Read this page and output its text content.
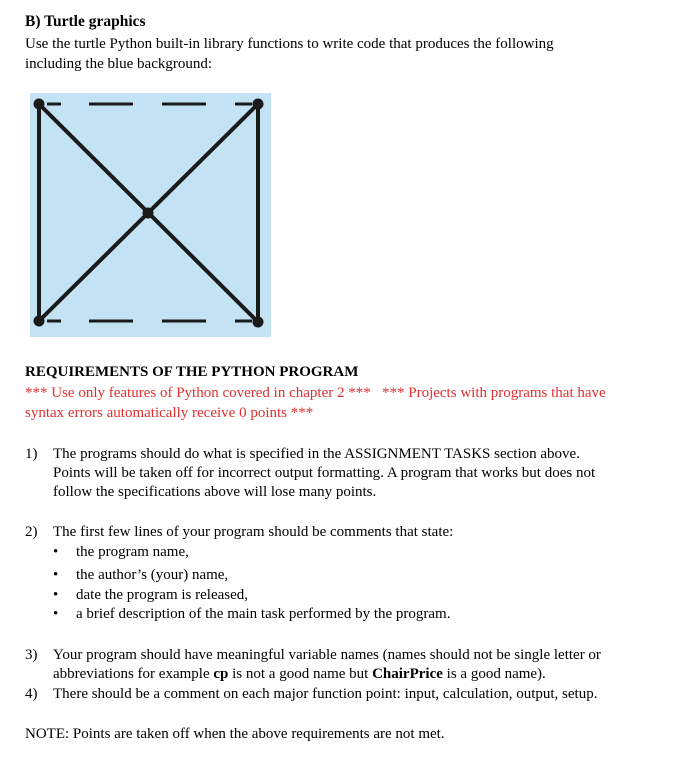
B) Turtle graphics
Use the turtle Python built-in library functions to write code that produces the following
including the blue background:
REQUIREMENTS OF THE PYTHON PROGRAM
*** Use only features of Python covered in chapter 2 ***   *** Projects with programs that have
syntax errors automatically receive 0 points ***
1) The programs should do what is specified in the ASSIGNMENT TASKS section above.
Points will be taken off for incorrect output formatting. A program that works but does not
follow the specifications above will lose many points.
2) The first few lines of your program should be comments that state:
• the program name,
• the author’s (your) name,
• date the program is released,
• a brief description of the main task performed by the program.
3) Your program should have meaningful variable names (names should not be single letter or
abbreviations for example cp is not a good name but ChairPrice is a good name).
4) There should be a comment on each major function point: input, calculation, output, setup.
NOTE: Points are taken off when the above requirements are not met.
